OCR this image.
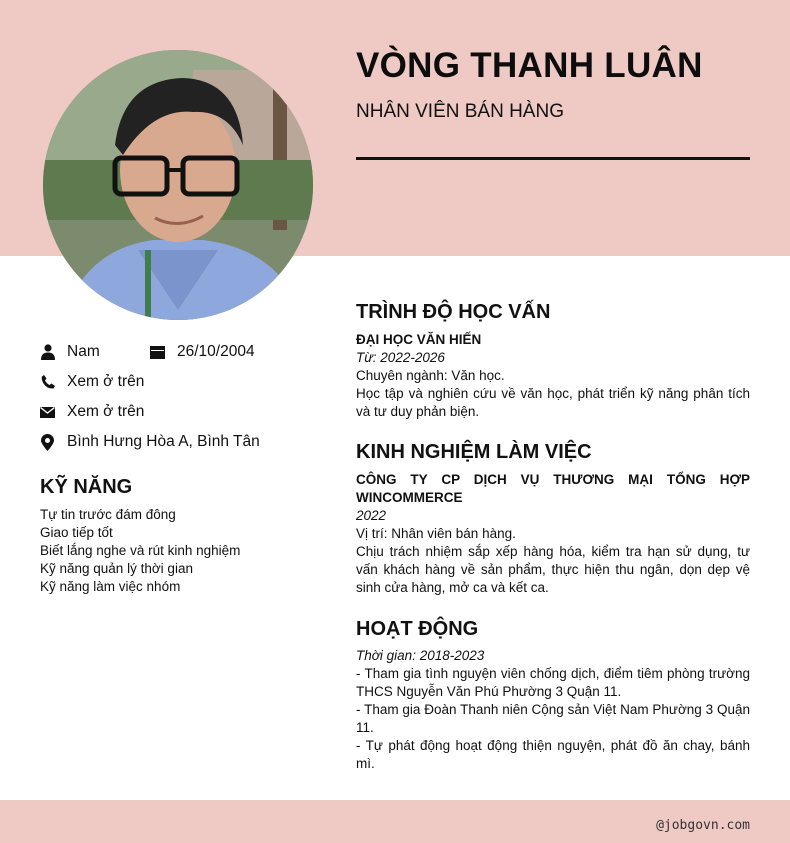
VÒNG THANH LUÂN
NHÂN VIÊN BÁN HÀNG
Nam	26/10/2004
Xem ở trên
Xem ở trên
Bình Hưng Hòa A, Bình Tân
KỸ NĂNG
Tự tin trước đám đông
Giao tiếp tốt
Biết lắng nghe và rút kinh nghiệm
Kỹ năng quản lý thời gian
Kỹ năng làm việc nhóm
TRÌNH ĐỘ HỌC VẤN
ĐẠI HỌC VĂN HIẾN
Từ: 2022-2026
Chuyên ngành: Văn học.
Học tập và nghiên cứu về văn học, phát triển kỹ năng phân tích và tư duy phản biện.
KINH NGHIỆM LÀM VIỆC
CÔNG TY CP DỊCH VỤ THƯƠNG MẠI TỔNG HỢP WINCOMMERCE
2022
Vị trí: Nhân viên bán hàng.
Chịu trách nhiệm sắp xếp hàng hóa, kiểm tra hạn sử dụng, tư vấn khách hàng về sản phẩm, thực hiện thu ngân, dọn dẹp vệ sinh cửa hàng, mở ca và kết ca.
HOẠT ĐỘNG
Thời gian: 2018-2023
- Tham gia tình nguyện viên chống dịch, điểm tiêm phòng trường THCS Nguyễn Văn Phú Phường 3 Quận 11.
- Tham gia Đoàn Thanh niên Cộng sản Việt Nam Phường 3 Quận 11.
- Tự phát động hoạt động thiện nguyện, phát đồ ăn chay, bánh mì.
@jobgovn.com
